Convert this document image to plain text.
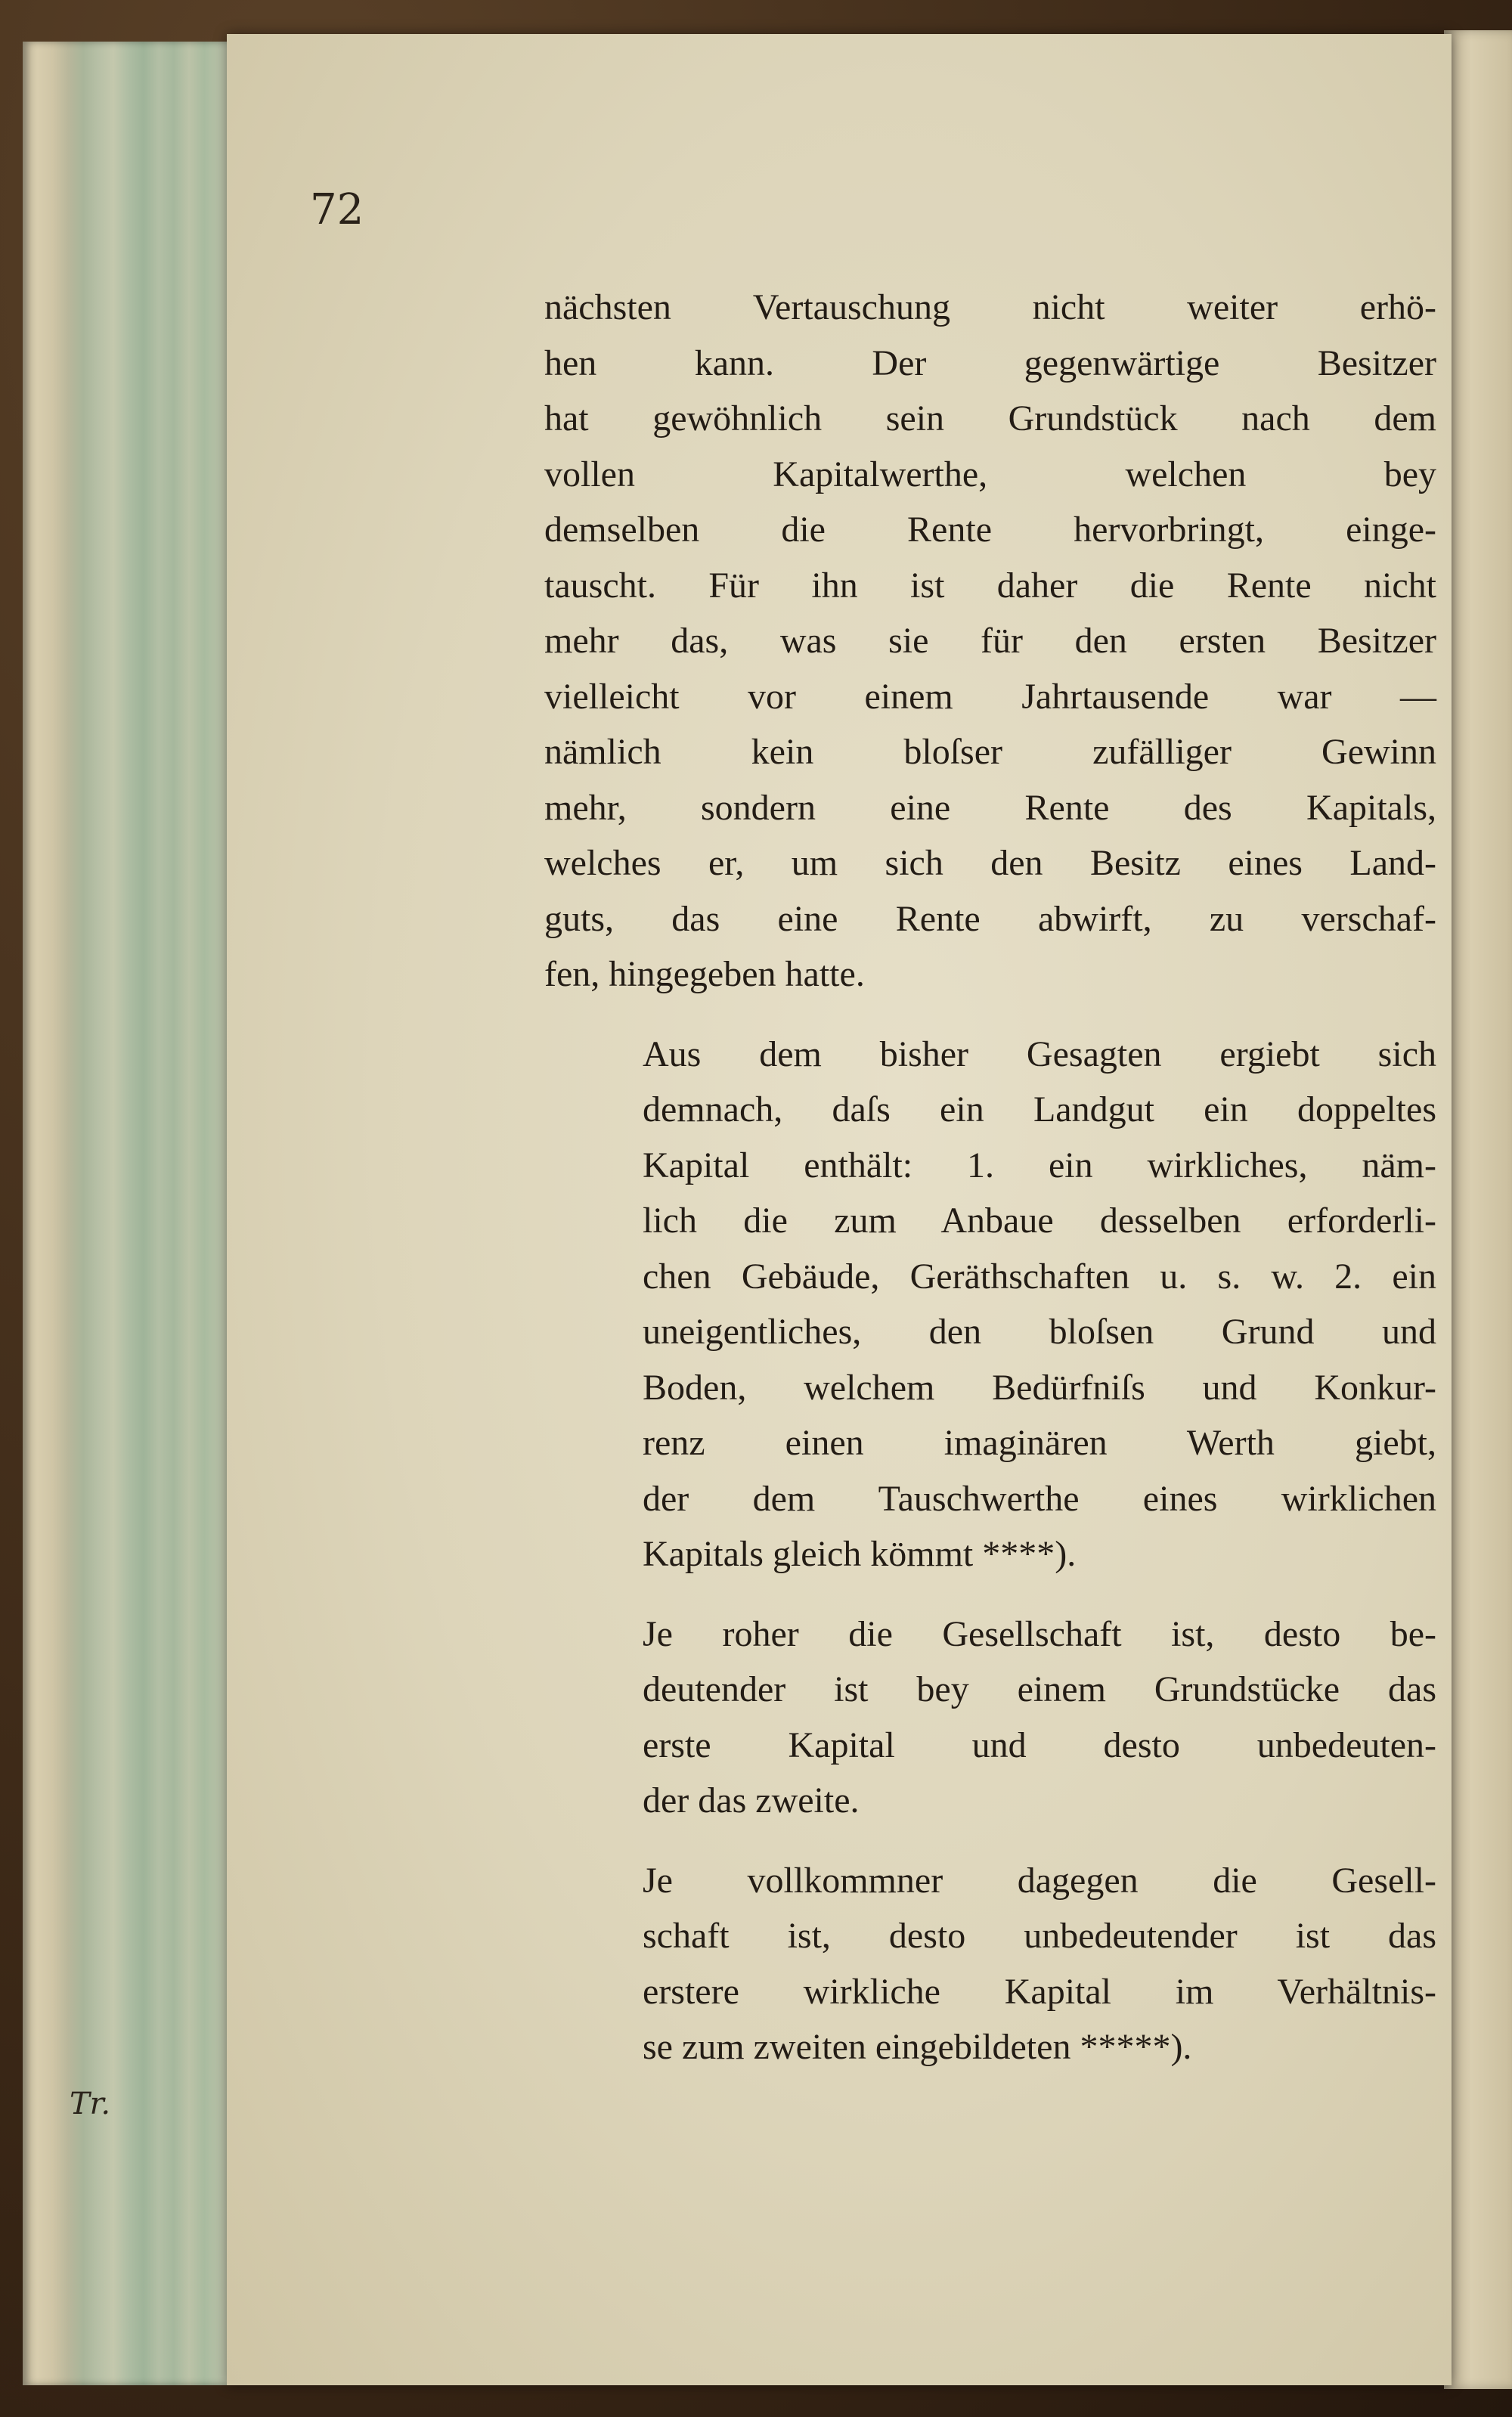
72
Tr.

nächsten Vertauschung nicht weiter erhö-
hen kann. Der gegenwärtige Besitzer
hat gewöhnlich sein Grundstück nach dem
vollen Kapitalwerthe, welchen bey
demselben die Rente hervorbringt, einge-
tauscht. Für ihn ist daher die Rente nicht
mehr das, was sie für den ersten Besitzer
vielleicht vor einem Jahrtausende war —
nämlich kein bloſser zufälliger Gewinn
mehr, sondern eine Rente des Kapitals,
welches er, um sich den Besitz eines Land-
guts, das eine Rente abwirft, zu verschaf-
fen, hingegeben hatte.

Aus dem bisher Gesagten ergiebt sich
demnach, daſs ein Landgut ein doppeltes
Kapital enthält: 1. ein wirkliches, näm-
lich die zum Anbaue desselben erforderli-
chen Gebäude, Geräthschaften u. s. w. 2. ein
uneigentliches, den bloſsen Grund und
Boden, welchem Bedürfniſs und Konkur-
renz einen imaginären Werth giebt,
der dem Tauschwerthe eines wirklichen
Kapitals gleich kömmt ****).

Je roher die Gesellschaft ist, desto be-
deutender ist bey einem Grundstücke das
erste Kapital und desto unbedeuten-
der das zweite.

Je vollkommner dagegen die Gesell-
schaft ist, desto unbedeutender ist das
erstere wirkliche Kapital im Verhältnis-
se zum zweiten eingebildeten *****).
